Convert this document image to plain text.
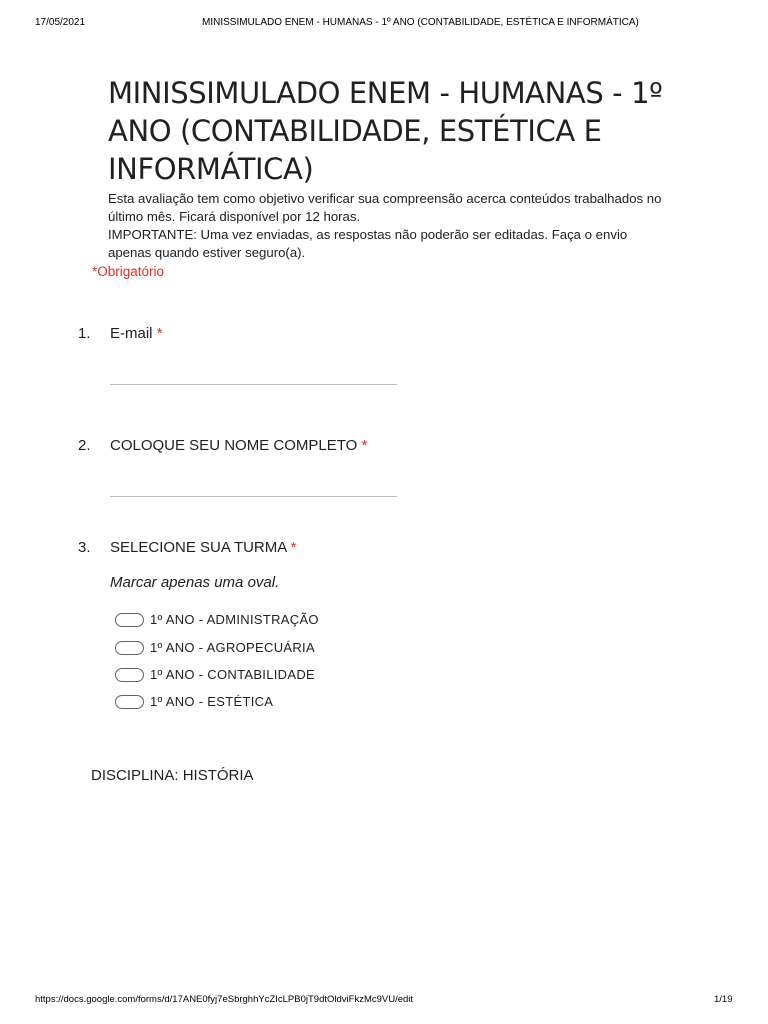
17/05/2021	MINISSIMULADO ENEM - HUMANAS - 1º ANO (CONTABILIDADE, ESTÉTICA E INFORMÁTICA)
MINISSIMULADO ENEM - HUMANAS - 1º ANO (CONTABILIDADE, ESTÉTICA E INFORMÁTICA)
Esta avaliação tem como objetivo verificar sua compreensão acerca conteúdos trabalhados no último mês. Ficará disponível por 12 horas.
IMPORTANTE: Uma vez enviadas, as respostas não poderão ser editadas. Faça o envio apenas quando estiver seguro(a).
*Obrigatório
1. E-mail *
2. COLOQUE SEU NOME COMPLETO *
3. SELECIONE SUA TURMA *
Marcar apenas uma oval.
1º ANO - ADMINISTRAÇÃO
1º ANO - AGROPECUÁRIA
1º ANO - CONTABILIDADE
1º ANO - ESTÉTICA
DISCIPLINA: HISTÓRIA
https://docs.google.com/forms/d/17ANE0fyj7eSbrghhYcZIcLPB0jT9dtOldviFkzMc9VU/edit	1/19
